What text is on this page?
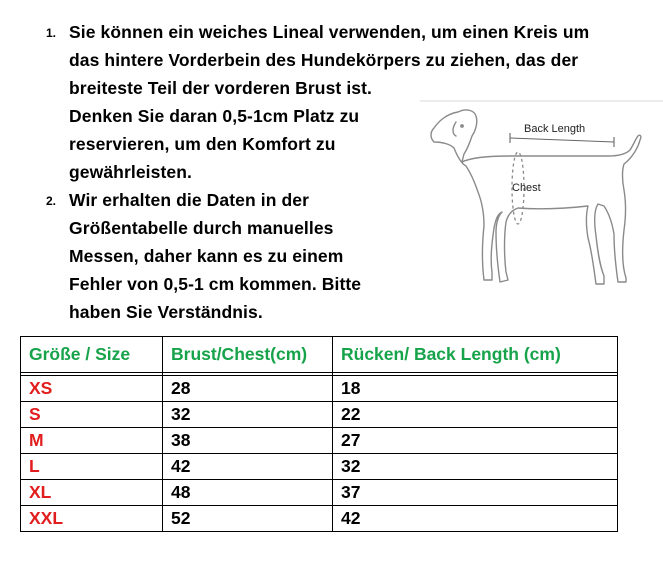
1. Sie können ein weiches Lineal verwenden, um einen Kreis um
das hintere Vorderbein des Hundekörpers zu ziehen, das der
breiteste Teil der vorderen Brust ist.
Denken Sie daran 0,5-1cm Platz zu
reservieren, um den Komfort zu
gewährleisten.
2. Wir erhalten die Daten in der
Größentabelle durch manuelles
Messen, daher kann es zu einem
Fehler von 0,5-1 cm kommen. Bitte
haben Sie Verständnis.
Back Length
Chest
Größe / Size	Brust/Chest(cm)	Rücken/ Back Length (cm)

XS	28	18
S	32	22
M	38	27
L	42	32
XL	48	37
XXL	52	42
